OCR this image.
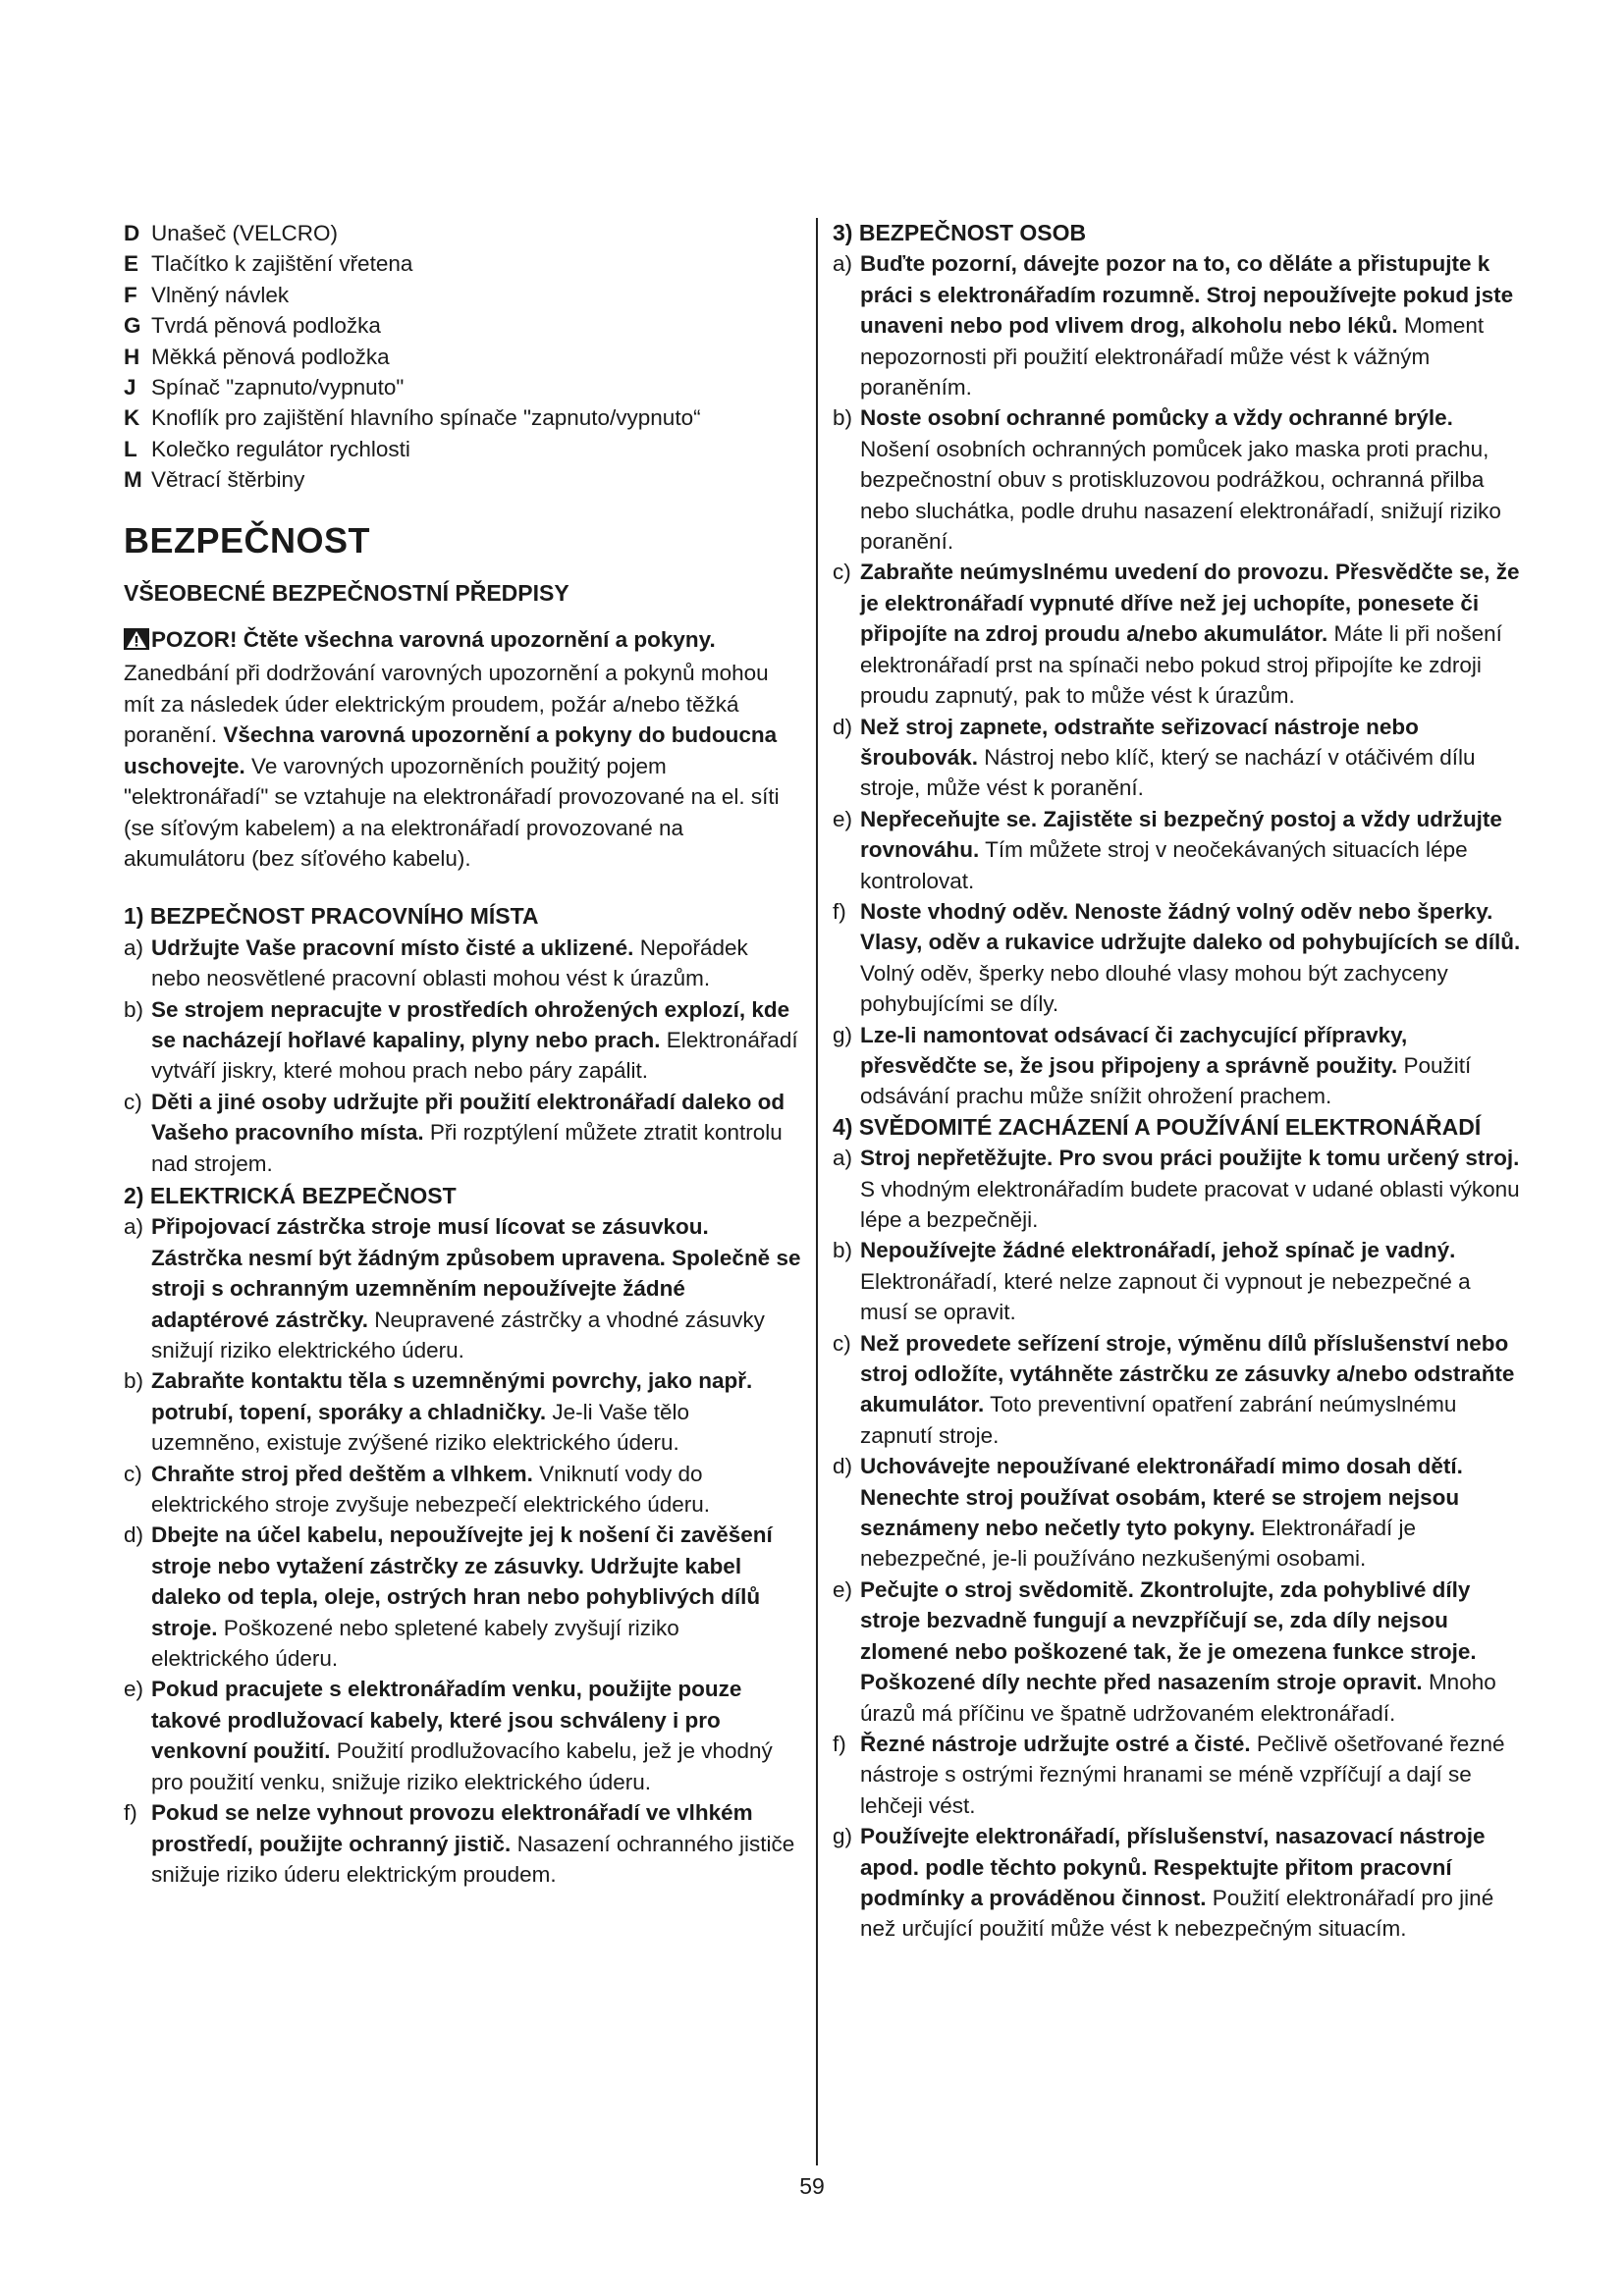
D Unašeč (VELCRO)
E Tlačítko k zajištění vřetena
F Vlněný návlek
G Tvrdá pěnová podložka
H Měkká pěnová podložka
J Spínač "zapnuto/vypnuto"
K Knoflík pro zajištění hlavního spínače "zapnuto/vypnuto“
L Kolečko regulátor rychlosti
M Větrací štěrbiny
BEZPEČNOST
VŠEOBECNÉ BEZPEČNOSTNÍ PŘEDPISY
POZOR! Čtěte všechna varovná upozornění a pokyny. Zanedbání při dodržování varovných upozornění a pokynů mohou mít za následek úder elektrickým proudem, požár a/nebo těžká poranění. Všechna varovná upozornění a pokyny do budoucna uschovejte. Ve varovných upozorněních použitý pojem "elektronářadí" se vztahuje na elektronářadí provozované na el. síti (se síťovým kabelem) a na elektronářadí provozované na akumulátoru (bez síťového kabelu).
1) BEZPEČNOST PRACOVNÍHO MÍSTA
a) Udržujte Vaše pracovní místo čisté a uklizené. Nepořádek nebo neosvětlené pracovní oblasti mohou vést k úrazům.
b) Se strojem nepracujte v prostředích ohrožených explozí, kde se nacházejí hořlavé kapaliny, plyny nebo prach. Elektronářadí vytváří jiskry, které mohou prach nebo páry zapálit.
c) Děti a jiné osoby udržujte při použití elektronářadí daleko od Vašeho pracovního místa. Při rozptýlení můžete ztratit kontrolu nad strojem.
2) ELEKTRICKÁ BEZPEČNOST
a) Připojovací zástrčka stroje musí lícovat se zásuvkou. Zástrčka nesmí být žádným způsobem upravena. Společně se stroji s ochranným uzemněním nepoužívejte žádné adaptérové zástrčky. Neupravené zástrčky a vhodné zásuvky snižují riziko elektrického úderu.
b) Zabraňte kontaktu těla s uzemněnými povrchy, jako např. potrubí, topení, sporáky a chladničky. Je-li Vaše tělo uzemněno, existuje zvýšené riziko elektrického úderu.
c) Chraňte stroj před deštěm a vlhkem. Vniknutí vody do elektrického stroje zvyšuje nebezpečí elektrického úderu.
d) Dbejte na účel kabelu, nepoužívejte jej k nošení či zavěšení stroje nebo vytažení zástrčky ze zásuvky. Udržujte kabel daleko od tepla, oleje, ostrých hran nebo pohyblivých dílů stroje. Poškozené nebo spletené kabely zvyšují riziko elektrického úderu.
e) Pokud pracujete s elektronářadím venku, použijte pouze takové prodlužovací kabely, které jsou schváleny i pro venkovní použití. Použití prodlužovacího kabelu, jež je vhodný pro použití venku, snižuje riziko elektrického úderu.
f) Pokud se nelze vyhnout provozu elektronářadí ve vlhkém prostředí, použijte ochranný jistič. Nasazení ochranného jističe snižuje riziko úderu elektrickým proudem.
3) BEZPEČNOST OSOB
a) Buďte pozorní, dávejte pozor na to, co děláte a přistupujte k práci s elektronářadím rozumně. Stroj nepoužívejte pokud jste unaveni nebo pod vlivem drog, alkoholu nebo léků. Moment nepozornosti při použití elektronářadí může vést k vážným poraněním.
b) Noste osobní ochranné pomůcky a vždy ochranné brýle. Nošení osobních ochranných pomůcek jako maska proti prachu, bezpečnostní obuv s protiskluzovou podrážkou, ochranná přilba nebo sluchátka, podle druhu nasazení elektronářadí, snižují riziko poranění.
c) Zabraňte neúmyslnému uvedení do provozu. Přesvědčte se, že je elektronářadí vypnuté dříve než jej uchopíte, ponesete či připojíte na zdroj proudu a/nebo akumulátor. Máte li při nošení elektronářadí prst na spínači nebo pokud stroj připojíte ke zdroji proudu zapnutý, pak to může vést k úrazům.
d) Než stroj zapnete, odstraňte seřizovací nástroje nebo šroubovák. Nástroj nebo klíč, který se nachází v otáčivém dílu stroje, může vést k poranění.
e) Nepřeceňujte se. Zajistěte si bezpečný postoj a vždy udržujte rovnováhu. Tím můžete stroj v neočekávaných situacích lépe kontrolovat.
f) Noste vhodný oděv. Nenoste žádný volný oděv nebo šperky. Vlasy, oděv a rukavice udržujte daleko od pohybujících se dílů. Volný oděv, šperky nebo dlouhé vlasy mohou být zachyceny pohybujícími se díly.
g) Lze-li namontovat odsávací či zachycující přípravky, přesvědčte se, že jsou připojeny a správně použity. Použití odsávání prachu může snížit ohrožení prachem.
4) SVĚDOMITÉ ZACHÁZENÍ A POUŽÍVÁNÍ ELEKTRONÁŘADÍ
a) Stroj nepřetěžujte. Pro svou práci použijte k tomu určený stroj. S vhodným elektronářadím budete pracovat v udané oblasti výkonu lépe a bezpečněji.
b) Nepoužívejte žádné elektronářadí, jehož spínač je vadný. Elektronářadí, které nelze zapnout či vypnout je nebezpečné a musí se opravit.
c) Než provedete seřízení stroje, výměnu dílů příslušenství nebo stroj odložíte, vytáhněte zástrčku ze zásuvky a/nebo odstraňte akumulátor. Toto preventivní opatření zabrání neúmyslnému zapnutí stroje.
d) Uchovávejte nepoužívané elektronářadí mimo dosah dětí. Nenechte stroj používat osobám, které se strojem nejsou seznámeny nebo nečetly tyto pokyny. Elektronářadí je nebezpečné, je-li používáno nezkušenými osobami.
e) Pečujte o stroj svědomitě. Zkontrolujte, zda pohyblivé díly stroje bezvadně fungují a nevzpříčují se, zda díly nejsou zlomené nebo poškozené tak, že je omezena funkce stroje. Poškozené díly nechte před nasazením stroje opravit. Mnoho úrazů má příčinu ve špatně udržovaném elektronářadí.
f) Řezné nástroje udržujte ostré a čisté. Pečlivě ošetřované řezné nástroje s ostrými řeznými hranami se méně vzpříčují a dají se lehčeji vést.
g) Používejte elektronářadí, příslušenství, nasazovací nástroje apod. podle těchto pokynů. Respektujte přitom pracovní podmínky a prováděnou činnost. Použití elektronářadí pro jiné než určující použití může vést k nebezpečným situacím.
59
